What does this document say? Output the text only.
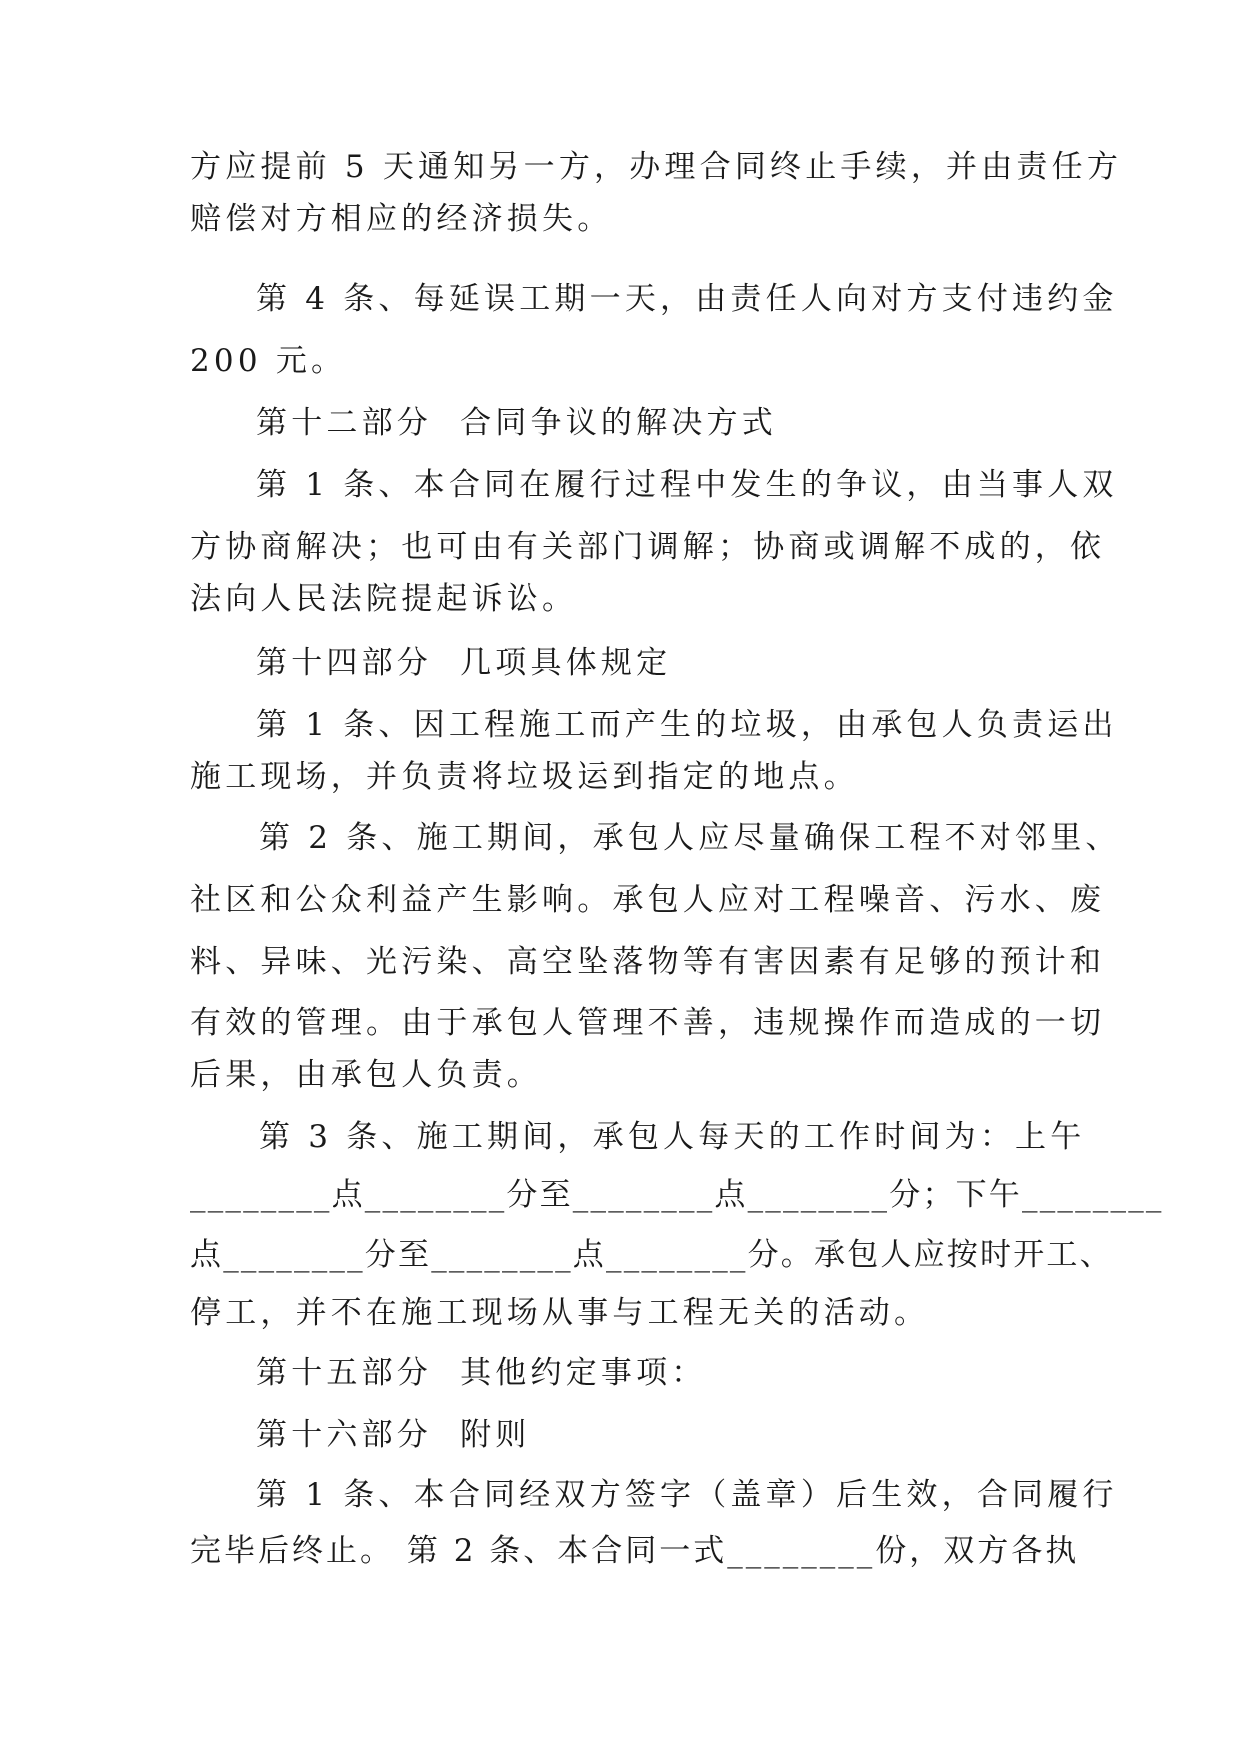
方应提前 5 天通知另一方，办理合同终止手续，并由责任方
赔偿对方相应的经济损失。
第 4 条、每延误工期一天，由责任人向对方支付违约金
200 元。
第十二部分  合同争议的解决方式
第 1 条、本合同在履行过程中发生的争议，由当事人双
方协商解决；也可由有关部门调解；协商或调解不成的，依
法向人民法院提起诉讼。
第十四部分  几项具体规定
第 1 条、因工程施工而产生的垃圾，由承包人负责运出
施工现场，并负责将垃圾运到指定的地点。
第 2 条、施工期间，承包人应尽量确保工程不对邻里、
社区和公众利益产生影响。承包人应对工程噪音、污水、废
料、异味、光污染、高空坠落物等有害因素有足够的预计和
有效的管理。由于承包人管理不善，违规操作而造成的一切
后果，由承包人负责。
第 3 条、施工期间，承包人每天的工作时间为：上午
________点________分至________点________分；下午________
点________分至________点________分。承包人应按时开工、
停工，并不在施工现场从事与工程无关的活动。
第十五部分  其他约定事项：
第十六部分  附则
第 1 条、本合同经双方签字（盖章）后生效，合同履行
完毕后终止。 第 2 条、本合同一式________份，双方各执
